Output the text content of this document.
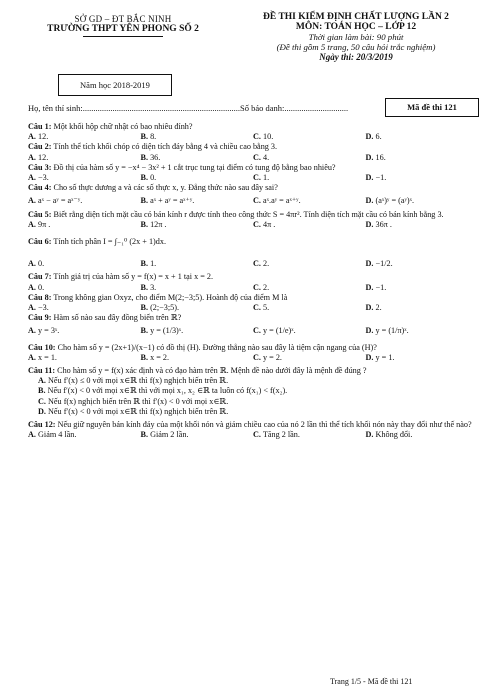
SỞ GD – ĐT BẮC NINH
TRƯỜNG THPT YÊN PHONG SỐ 2
Năm học 2018-2019
ĐỀ THI KIỂM ĐỊNH CHẤT LƯỢNG LẦN 2
MÔN: TOÁN HỌC – LỚP 12
Thời gian làm bài: 90 phút
(Đề thi gồm 5 trang, 50 câu hỏi trắc nghiệm)
Ngày thi: 20/3/2019
Họ, tên thí sinh:..........................................................................Số báo danh:..............................	Mã đề thi 121
Câu 1: Một khối hộp chữ nhật có bao nhiêu đỉnh?
A. 12.	B. 8.	C. 10.	D. 6.
Câu 2: Tính thể tích khối chóp có diện tích đáy bằng 4 và chiều cao bằng 3.
A. 12.	B. 36.	C. 4.	D. 16.
Câu 3: Đồ thị của hàm số y = −x⁴ − 3x² + 1 cắt trục tung tại điểm có tung độ bằng bao nhiêu?
A. −3.	B. 0.	C. 1.	D. −1.
Câu 4: Cho số thực dương a và các số thực x, y. Đẳng thức nào sau đây sai?
A. aˣ − aʸ = aˣ⁻ʸ.	B. aˣ + aʸ = aˣ⁺ʸ.	C. aˣ.aʸ = aˣ⁺ʸ.	D. (aˣ)ʸ = (aʸ)ˣ.
Câu 5: Biết rằng diện tích mặt cầu có bán kính r được tính theo công thức S = 4πr². Tính diện tích mặt cầu có bán kính bằng 3.
A. 9π .	B. 12π .	C. 4π .	D. 36π .
Câu 6: Tính tích phân I = ∫₋₁⁰ (2x + 1)dx.
A. 0.	B. 1.	C. 2.	D. −1/2.
Câu 7: Tính giá trị của hàm số y = f(x) = x + 1 tại x = 2.
A. 0.	B. 3.	C. 2.	D. −1.
Câu 8: Trong không gian Oxyz, cho điểm M(2;−3;5). Hoành độ của điểm M là
A. −3.	B. (2;−3;5).	C. 5.	D. 2.
Câu 9: Hàm số nào sau đây đồng biến trên ℝ?
A. y = 3ˣ.	B. y = (1/3)ˣ.	C. y = (1/e)ˣ.	D. y = (1/π)ˣ.
Câu 10: Cho hàm số y = (2x+1)/(x−1) có đồ thị (H). Đường thẳng nào sau đây là tiệm cận ngang của (H)?
A. x = 1.	B. x = 2.	C. y = 2.	D. y = 1.
Câu 11: Cho hàm số y = f(x) xác định và có đạo hàm trên ℝ. Mệnh đề nào dưới đây là mệnh đề đúng ?
A. Nếu f′(x) ≤ 0 với mọi x∈ℝ thì f(x) nghịch biến trên ℝ.
B. Nếu f′(x) < 0 với mọi x∈ℝ thì với mọi x₁, x₂ ∈ℝ ta luôn có f(x₁) < f(x₂).
C. Nếu f(x) nghịch biến trên ℝ thì f′(x) < 0 với mọi x∈ℝ.
D. Nếu f′(x) < 0 với mọi x∈ℝ thì f(x) nghịch biến trên ℝ.
Câu 12: Nếu giữ nguyên bán kính đáy của một khối nón và giảm chiều cao của nó 2 lần thì thể tích khối nón này thay đổi như thế nào?
A. Giảm 4 lần.	B. Giảm 2 lần.	C. Tăng 2 lần.	D. Không đổi.
Trang 1/5 - Mã đề thi 121
